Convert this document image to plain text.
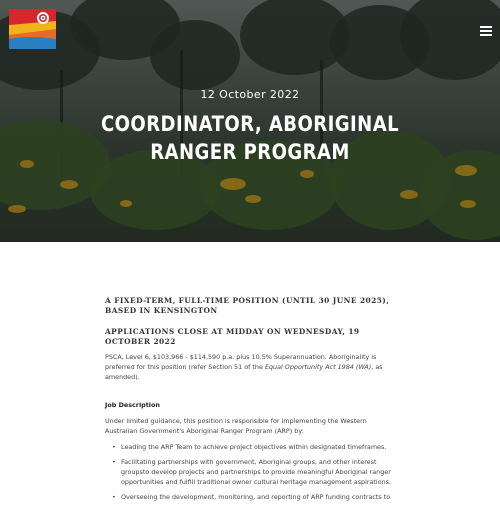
12 October 2022
COORDINATOR, ABORIGINAL RANGER PROGRAM

A FIXED-TERM, FULL-TIME POSITION (UNTIL 30 JUNE 2025), BASED IN KENSINGTON

APPLICATIONS CLOSE AT MIDDAY ON WEDNESDAY, 19 OCTOBER 2022

PSCA, Level 6, $103,966 - $114,590 p.a. plus 10.5% Superannuation. Aboriginality is preferred for this position (refer Section 51 of the Equal Opportunity Act 1984 (WA), as amended).

Job Description

Under limited guidance, this position is responsible for implementing the Western Australian Government's Aboriginal Ranger Program (ARP) by:

• Leading the ARP Team to achieve project objectives within designated timeframes.
• Facilitating partnerships with government, Aboriginal groups, and other interest groupsto develop projects and partnerships to provide meaningful Aboriginal ranger opportunities and fulfill traditional owner cultural heritage management aspirations.
• Overseeing the development, monitoring, and reporting of ARP funding contracts to
